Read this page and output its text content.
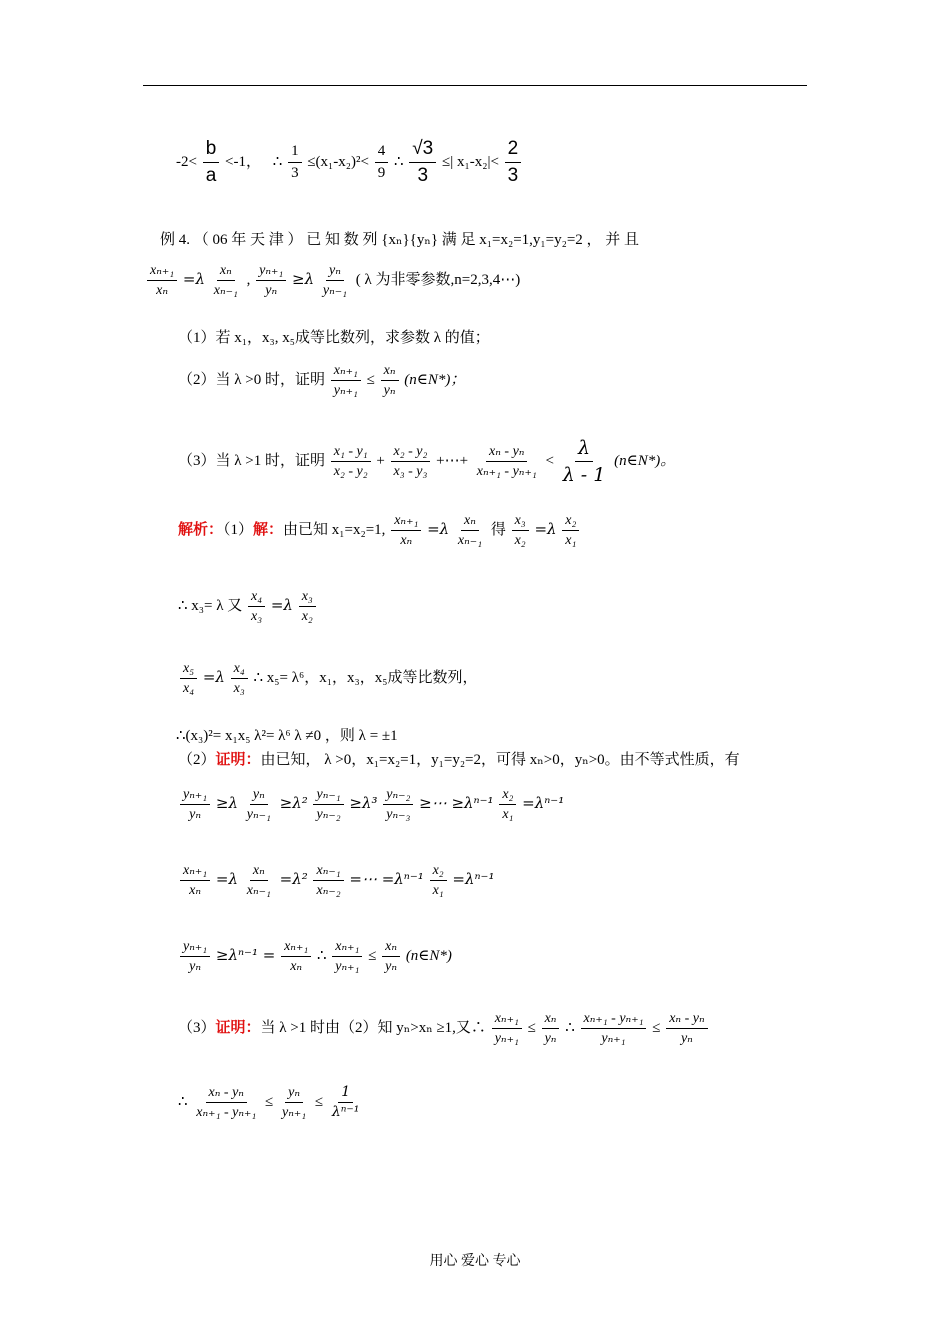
$-2< \frac{b}{a} <-1$， ∴ $\frac{1}{3} \le(x_1-x_2)^2< \frac{4}{9}$ ∴ $\frac{√3}{3}$ ≤| $x_1-x_2|< \frac{2}{3}$
例 4. （ 06 年 天 津 ） 已 知 数 列 {xₙ}{yₙ} 满 足 x₁=x₂=1,y₁=y₂=2 ， 并 且
$\frac{\text{xₙ₊₁}}{\text{xₙ}} =\lambda \frac{\text{xₙ}}{\text{xₙ₋₁}}$ , $\frac{\text{yₙ₊₁}}{\text{yₙ}} \ge\lambda \frac{\text{yₙ}}{\text{yₙ₋₁}}$ ( λ 为非零参数,n=2,3,4⋯)
（1）若 x₁，x₃, x₅成等比数列，求参数 λ 的值；
（2）当 λ >0 时，证明 $\frac{\text{xₙ₊₁}}{\text{yₙ₊₁}} \le \frac{\text{xₙ}}{\text{yₙ}}$ (n∈N*)；
（3）当 λ >1 时，证明 $\frac{\text{x₁ - y₁}}{\text{x₂ - y₂}} + \frac{\text{x₂ - y₂}}{\text{x₃ - y₃}}$ +⋯+ $\frac{\text{xₙ - yₙ}}{\text{xₙ₊₁ - yₙ₊₁}} < \frac{\lambda}{\lambda - 1}$ (n∈N*)。
解析：（1）解：由已知 x₁=x₂=1, $\frac{\text{xₙ₊₁}}{\text{xₙ}} =\lambda \frac{\text{xₙ}}{\text{xₙ₋₁}}$ 得 $\frac{\text{x₃}}{\text{x₂}} =\lambda \frac{\text{x₂}}{\text{x₁}}$
∴ x₃= λ 又 $\frac{\text{x₄}}{\text{x₃}} =\lambda \frac{\text{x₃}}{\text{x₂}}$
$\frac{\text{x₅}}{\text{x₄}} =\lambda \frac{\text{x₄}}{\text{x₃}}$ ∴ x₅= λ⁶，x₁，x₃，x₅成等比数列，
∴(x₃)²= x₁x₅ λ²= λ⁶ λ ≠0 ，则 λ = ±1
（2）证明：由已知， λ >0，x₁=x₂=1，y₁=y₂=2，可得 xₙ>0，yₙ>0。由不等式性质，有
$\frac{\text{yₙ₊₁}}{\text{yₙ}} \ge\lambda \frac{\text{yₙ}}{\text{yₙ₋₁}} \ge\lambda^2 \frac{\text{yₙ₋₁}}{\text{yₙ₋₂}} \ge\lambda^3 \frac{\text{yₙ₋₂}}{\text{yₙ₋₃}}$ ≥⋯ $\ge\lambda^{n-1} \frac{\text{x₂}}{\text{x₁}} =\lambda^{n-1}$
$\frac{\text{xₙ₊₁}}{\text{xₙ}} =\lambda \frac{\text{xₙ}}{\text{xₙ₋₁}} =\lambda^2 \frac{\text{xₙ₋₁}}{\text{xₙ₋₂}}$ =⋯ $=\lambda^{n-1} \frac{\text{x₂}}{\text{x₁}} =\lambda^{n-1}$
$\frac{\text{yₙ₊₁}}{\text{yₙ}} \ge\lambda^{n-1} = \frac{\text{xₙ₊₁}}{\text{xₙ}}$ ∴ $\frac{\text{xₙ₊₁}}{\text{yₙ₊₁}} \le \frac{\text{xₙ}}{\text{yₙ}}$ (n∈N*)
（3）证明：当 λ >1 时由（2）知 yₙ>xₙ ≥1,又∴ $\frac{\text{xₙ₊₁}}{\text{yₙ₊₁}} \le \frac{\text{xₙ}}{\text{yₙ}}$ ∴ $\frac{\text{xₙ₊₁ - yₙ₊₁}}{\text{yₙ₊₁}} \le \frac{\text{xₙ - yₙ}}{\text{yₙ}}$
∴ $\frac{\text{xₙ - yₙ}}{\text{xₙ₊₁ - yₙ₊₁}} \le \frac{\text{yₙ}}{\text{yₙ₊₁}} \le \frac{1}{\text{λⁿ⁻¹}}$
用心 爱心 专心
